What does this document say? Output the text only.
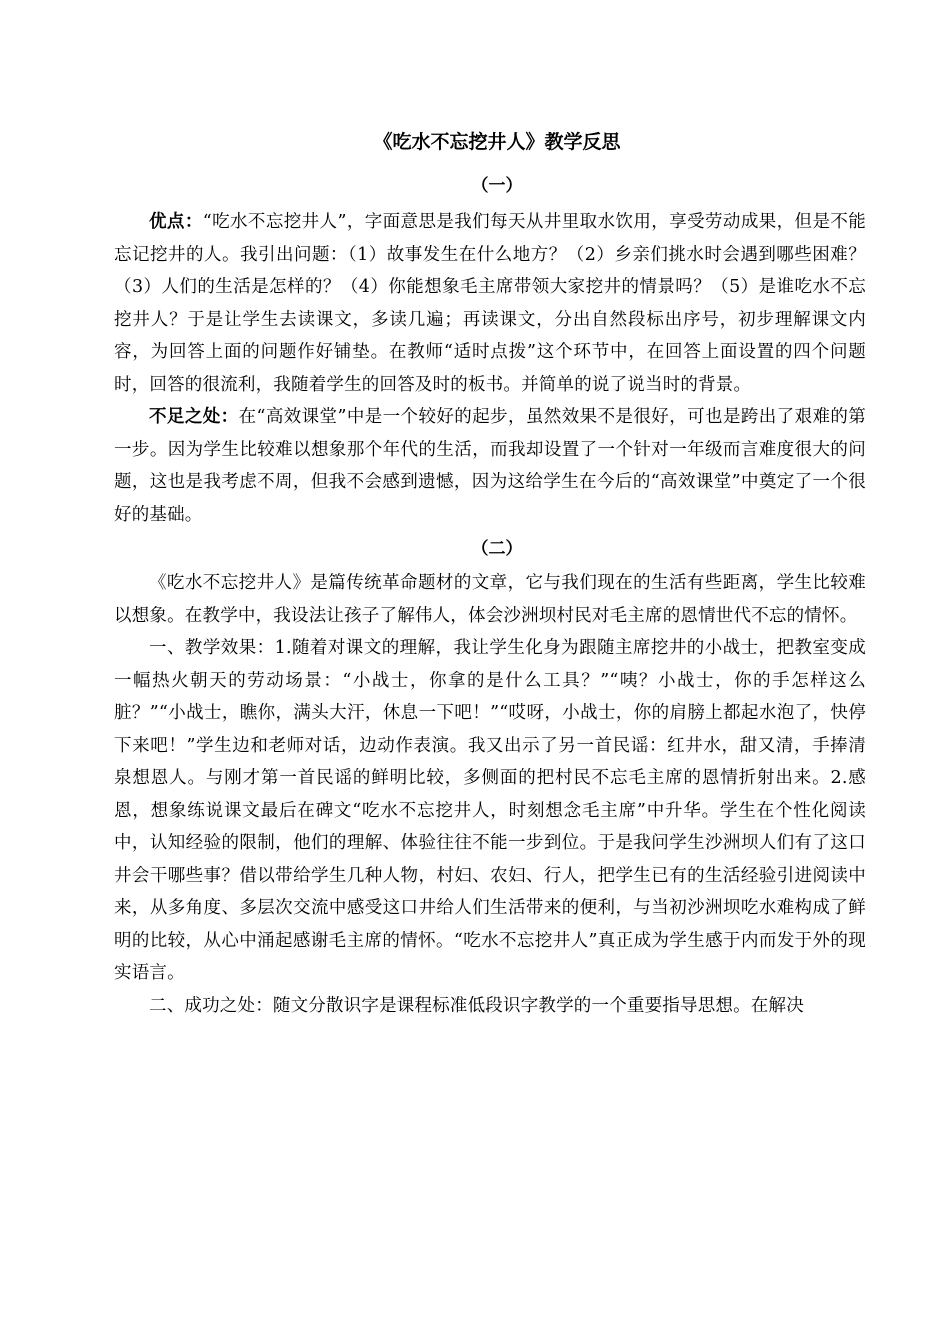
《吃水不忘挖井人》教学反思
（一）

优点：“吃水不忘挖井人”，字面意思是我们每天从井里取水饮用，享受劳动成果，但是不能忘记挖井的人。我引出问题：（1）故事发生在什么地方？（2）乡亲们挑水时会遇到哪些困难？（3）人们的生活是怎样的？（4）你能想象毛主席带领大家挖井的情景吗？（5）是谁吃水不忘挖井人？于是让学生去读课文，多读几遍；再读课文，分出自然段标出序号，初步理解课文内容，为回答上面的问题作好铺垫。在教师“适时点拨”这个环节中，在回答上面设置的四个问题时，回答的很流利，我随着学生的回答及时的板书。并简单的说了说当时的背景。

不足之处：在“高效课堂”中是一个较好的起步，虽然效果不是很好，可也是跨出了艰难的第一步。因为学生比较难以想象那个年代的生活，而我却设置了一个针对一年级而言难度很大的问题，这也是我考虑不周，但我不会感到遗憾，因为这给学生在今后的“高效课堂”中奠定了一个很好的基础。

（二）

《吃水不忘挖井人》是篇传统革命题材的文章，它与我们现在的生活有些距离，学生比较难以想象。在教学中，我设法让孩子了解伟人，体会沙洲坝村民对毛主席的恩情世代不忘的情怀。

一、教学效果：1.随着对课文的理解，我让学生化身为跟随主席挖井的小战士，把教室变成一幅热火朝天的劳动场景：“小战士，你拿的是什么工具？”“咦？小战士，你的手怎样这么脏？”“小战士，瞧你，满头大汗，休息一下吧！”“哎呀，小战士，你的肩膀上都起水泡了，快停下来吧！”学生边和老师对话，边动作表演。我又出示了另一首民谣：红井水，甜又清，手捧清泉想恩人。与刚才第一首民谣的鲜明比较，多侧面的把村民不忘毛主席的恩情折射出来。2.感恩，想象练说课文最后在碑文“吃水不忘挖井人，时刻想念毛主席”中升华。学生在个性化阅读中，认知经验的限制，他们的理解、体验往往不能一步到位。于是我问学生沙洲坝人们有了这口井会干哪些事？借以带给学生几种人物，村妇、农妇、行人，把学生已有的生活经验引进阅读中来，从多角度、多层次交流中感受这口井给人们生活带来的便利，与当初沙洲坝吃水难构成了鲜明的比较，从心中涌起感谢毛主席的情怀。“吃水不忘挖井人”真正成为学生感于内而发于外的现实语言。

二、成功之处：随文分散识字是课程标准低段识字教学的一个重要指导思想。在解决
